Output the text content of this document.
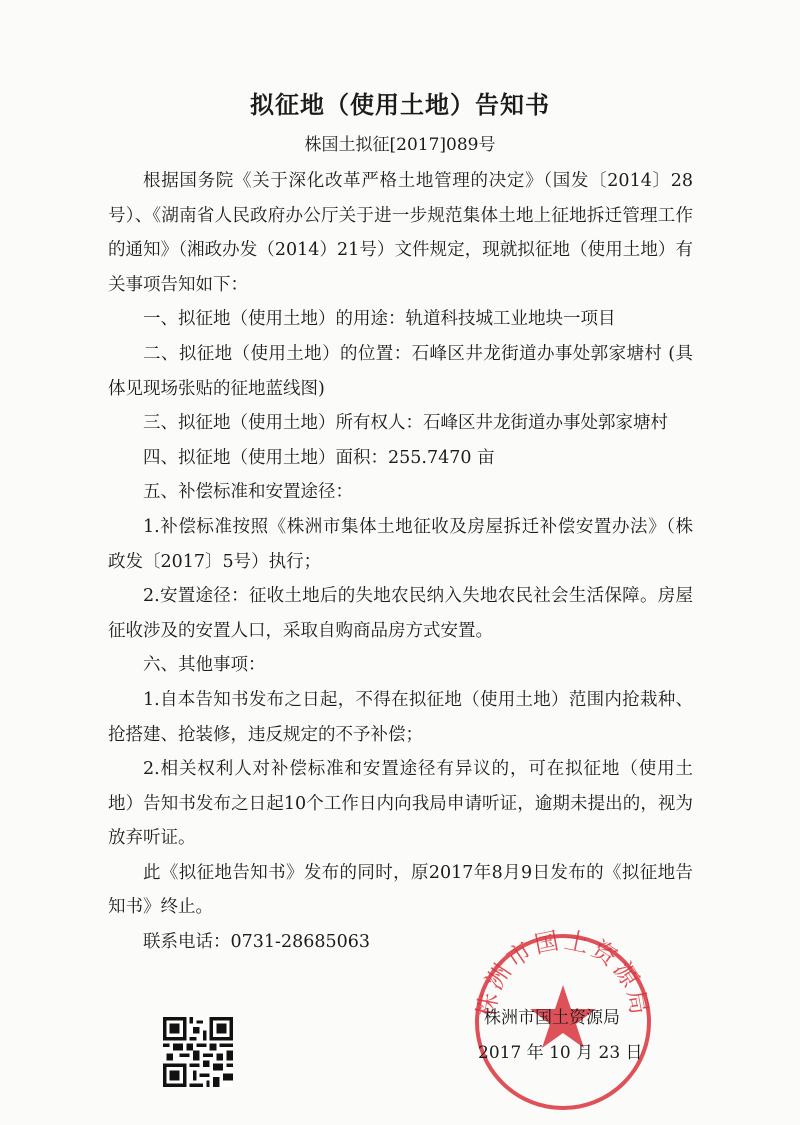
拟征地（使用土地）告知书
株国土拟征[2017]089号

根据国务院《关于深化改革严格土地管理的决定》（国发〔2014〕28号）、《湖南省人民政府办公厅关于进一步规范集体土地上征地拆迁管理工作的通知》（湘政办发（2014）21号）文件规定，现就拟征地（使用土地）有关事项告知如下：

一、拟征地（使用土地）的用途：轨道科技城工业地块一项目

二、拟征地（使用土地）的位置：石峰区井龙街道办事处郭家塘村 (具体见现场张贴的征地蓝线图)

三、拟征地（使用土地）所有权人：石峰区井龙街道办事处郭家塘村

四、拟征地（使用土地）面积：255.7470 亩

五、补偿标准和安置途径：

1.补偿标准按照《株洲市集体土地征收及房屋拆迁补偿安置办法》（株政发〔2017〕5号）执行；

2.安置途径：征收土地后的失地农民纳入失地农民社会生活保障。房屋征收涉及的安置人口，采取自购商品房方式安置。

六、其他事项：

1.自本告知书发布之日起，不得在拟征地（使用土地）范围内抢栽种、抢搭建、抢装修，违反规定的不予补偿；

2.相关权利人对补偿标准和安置途径有异议的，可在拟征地（使用土地）告知书发布之日起10个工作日内向我局申请听证，逾期未提出的，视为放弃听证。

此《拟征地告知书》发布的同时，原2017年8月9日发布的《拟征地告知书》终止。

联系电话：0731-28685063

株洲市国土资源局
株洲市国土资源局
2017 年 10 月 23 日
